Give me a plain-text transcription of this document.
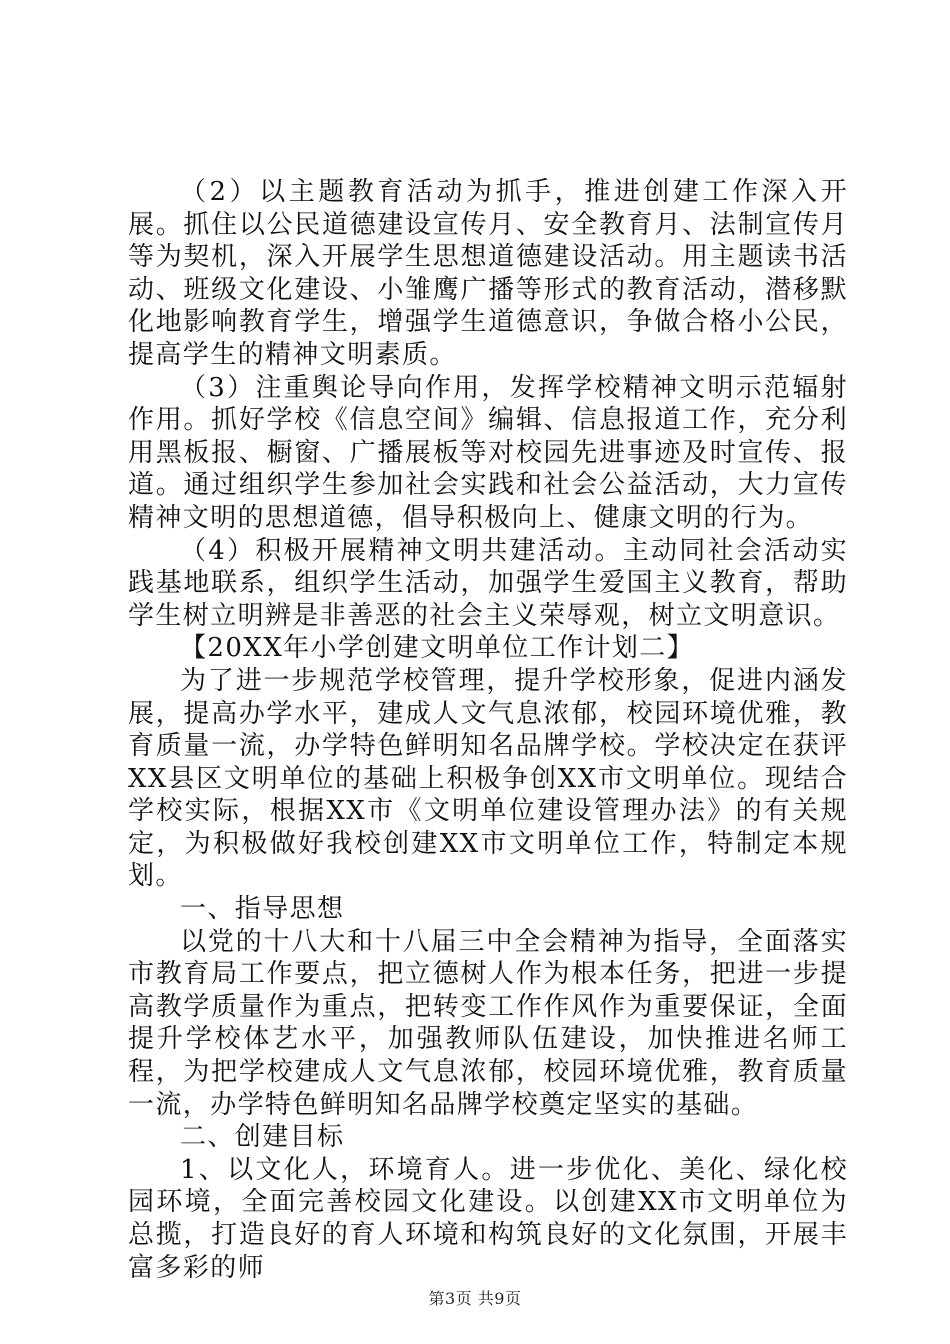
（2）以主题教育活动为抓手，推进创建工作深入开展。抓住以公民道德建设宣传月、安全教育月、法制宣传月等为契机，深入开展学生思想道德建设活动。用主题读书活动、班级文化建设、小雏鹰广播等形式的教育活动，潜移默化地影响教育学生，增强学生道德意识，争做合格小公民，提高学生的精神文明素质。

（3）注重舆论导向作用，发挥学校精神文明示范辐射作用。抓好学校《信息空间》编辑、信息报道工作，充分利用黑板报、橱窗、广播展板等对校园先进事迹及时宣传、报道。通过组织学生参加社会实践和社会公益活动，大力宣传精神文明的思想道德，倡导积极向上、健康文明的行为。

（4）积极开展精神文明共建活动。主动同社会活动实践基地联系，组织学生活动，加强学生爱国主义教育，帮助学生树立明辨是非善恶的社会主义荣辱观，树立文明意识。

【20XX年小学创建文明单位工作计划二】

为了进一步规范学校管理，提升学校形象，促进内涵发展，提高办学水平，建成人文气息浓郁，校园环境优雅，教育质量一流，办学特色鲜明知名品牌学校。学校决定在获评XX县区文明单位的基础上积极争创XX市文明单位。现结合学校实际，根据XX市《文明单位建设管理办法》的有关规定，为积极做好我校创建XX市文明单位工作，特制定本规划。

一、指导思想

以党的十八大和十八届三中全会精神为指导，全面落实市教育局工作要点，把立德树人作为根本任务，把进一步提高教学质量作为重点，把转变工作作风作为重要保证，全面提升学校体艺水平，加强教师队伍建设，加快推进名师工程，为把学校建成人文气息浓郁，校园环境优雅，教育质量一流，办学特色鲜明知名品牌学校奠定坚实的基础。

二、创建目标

1、以文化人，环境育人。进一步优化、美化、绿化校园环境，全面完善校园文化建设。以创建XX市文明单位为总揽，打造良好的育人环境和构筑良好的文化氛围，开展丰富多彩的师

第3页 共9页
